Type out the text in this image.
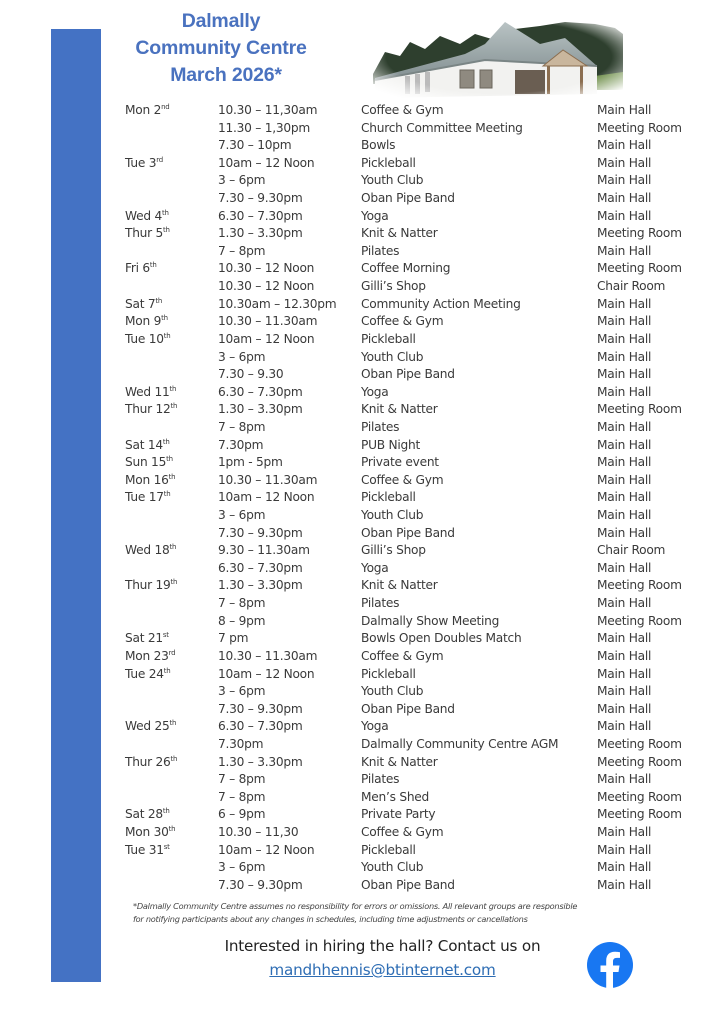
Dalmally
Community Centre
March 2026*
Mon 2nd	10.30 – 11,30am	Coffee & Gym	Main Hall
11.30 – 1,30pm	Church Committee Meeting	Meeting Room
7.30 – 10pm	Bowls	Main Hall
Tue 3rd	10am – 12 Noon	Pickleball	Main Hall
3 – 6pm	Youth Club	Main Hall
7.30 – 9.30pm	Oban Pipe Band	Main Hall
Wed 4th	6.30 – 7.30pm	Yoga	Main Hall
Thur 5th	1.30 – 3.30pm	Knit & Natter	Meeting Room
7 – 8pm	Pilates	Main Hall
Fri 6th	10.30 – 12 Noon	Coffee Morning	Meeting Room
10.30 – 12 Noon	Gilli’s Shop	Chair Room
Sat 7th	10.30am – 12.30pm Community Action Meeting	Main Hall
Mon 9th	10.30 – 11.30am	Coffee & Gym	Main Hall
Tue 10th	10am – 12 Noon	Pickleball	Main Hall
3 – 6pm	Youth Club	Main Hall
7.30 – 9.30	Oban Pipe Band	Main Hall
Wed 11th	6.30 – 7.30pm	Yoga	Main Hall
Thur 12th	1.30 – 3.30pm	Knit & Natter	Meeting Room
7 – 8pm	Pilates	Main Hall
Sat 14th	7.30pm	PUB Night	Main Hall
Sun 15th	1pm - 5pm	Private event	Main Hall
Mon 16th	10.30 – 11.30am	Coffee & Gym	Main Hall
Tue 17th	10am – 12 Noon	Pickleball	Main Hall
3 – 6pm	Youth Club	Main Hall
7.30 – 9.30pm	Oban Pipe Band	Main Hall
Wed 18th	9.30 – 11.30am	Gilli’s Shop	Chair Room
6.30 – 7.30pm	Yoga	Main Hall
Thur 19th	1.30 – 3.30pm	Knit & Natter	Meeting Room
7 – 8pm	Pilates	Main Hall
8 – 9pm	Dalmally Show Meeting	Meeting Room
Sat 21st	7 pm	Bowls Open Doubles Match	Main Hall
Mon 23rd	10.30 – 11.30am	Coffee & Gym	Main Hall
Tue 24th	10am – 12 Noon	Pickleball	Main Hall
3 – 6pm	Youth Club	Main Hall
7.30 – 9.30pm	Oban Pipe Band	Main Hall
Wed 25th	6.30 – 7.30pm	Yoga	Main Hall
7.30pm	Dalmally Community Centre AGM	Meeting Room
Thur 26th	1.30 – 3.30pm	Knit & Natter	Meeting Room
7 – 8pm	Pilates	Main Hall
7 – 8pm	Men’s Shed	Meeting Room
Sat 28th	6 – 9pm	Private Party	Meeting Room
Mon 30th	10.30 – 11,30	Coffee & Gym	Main Hall
Tue 31st	10am – 12 Noon	Pickleball	Main Hall
3 – 6pm	Youth Club	Main Hall
7.30 – 9.30pm	Oban Pipe Band	Main Hall
*Dalmally Community Centre assumes no responsibility for errors or omissions. All relevant groups are responsible
for notifying participants about any changes in schedules, including time adjustments or cancellations
Interested in hiring the hall? Contact us on
mandhhennis@btinternet.com
